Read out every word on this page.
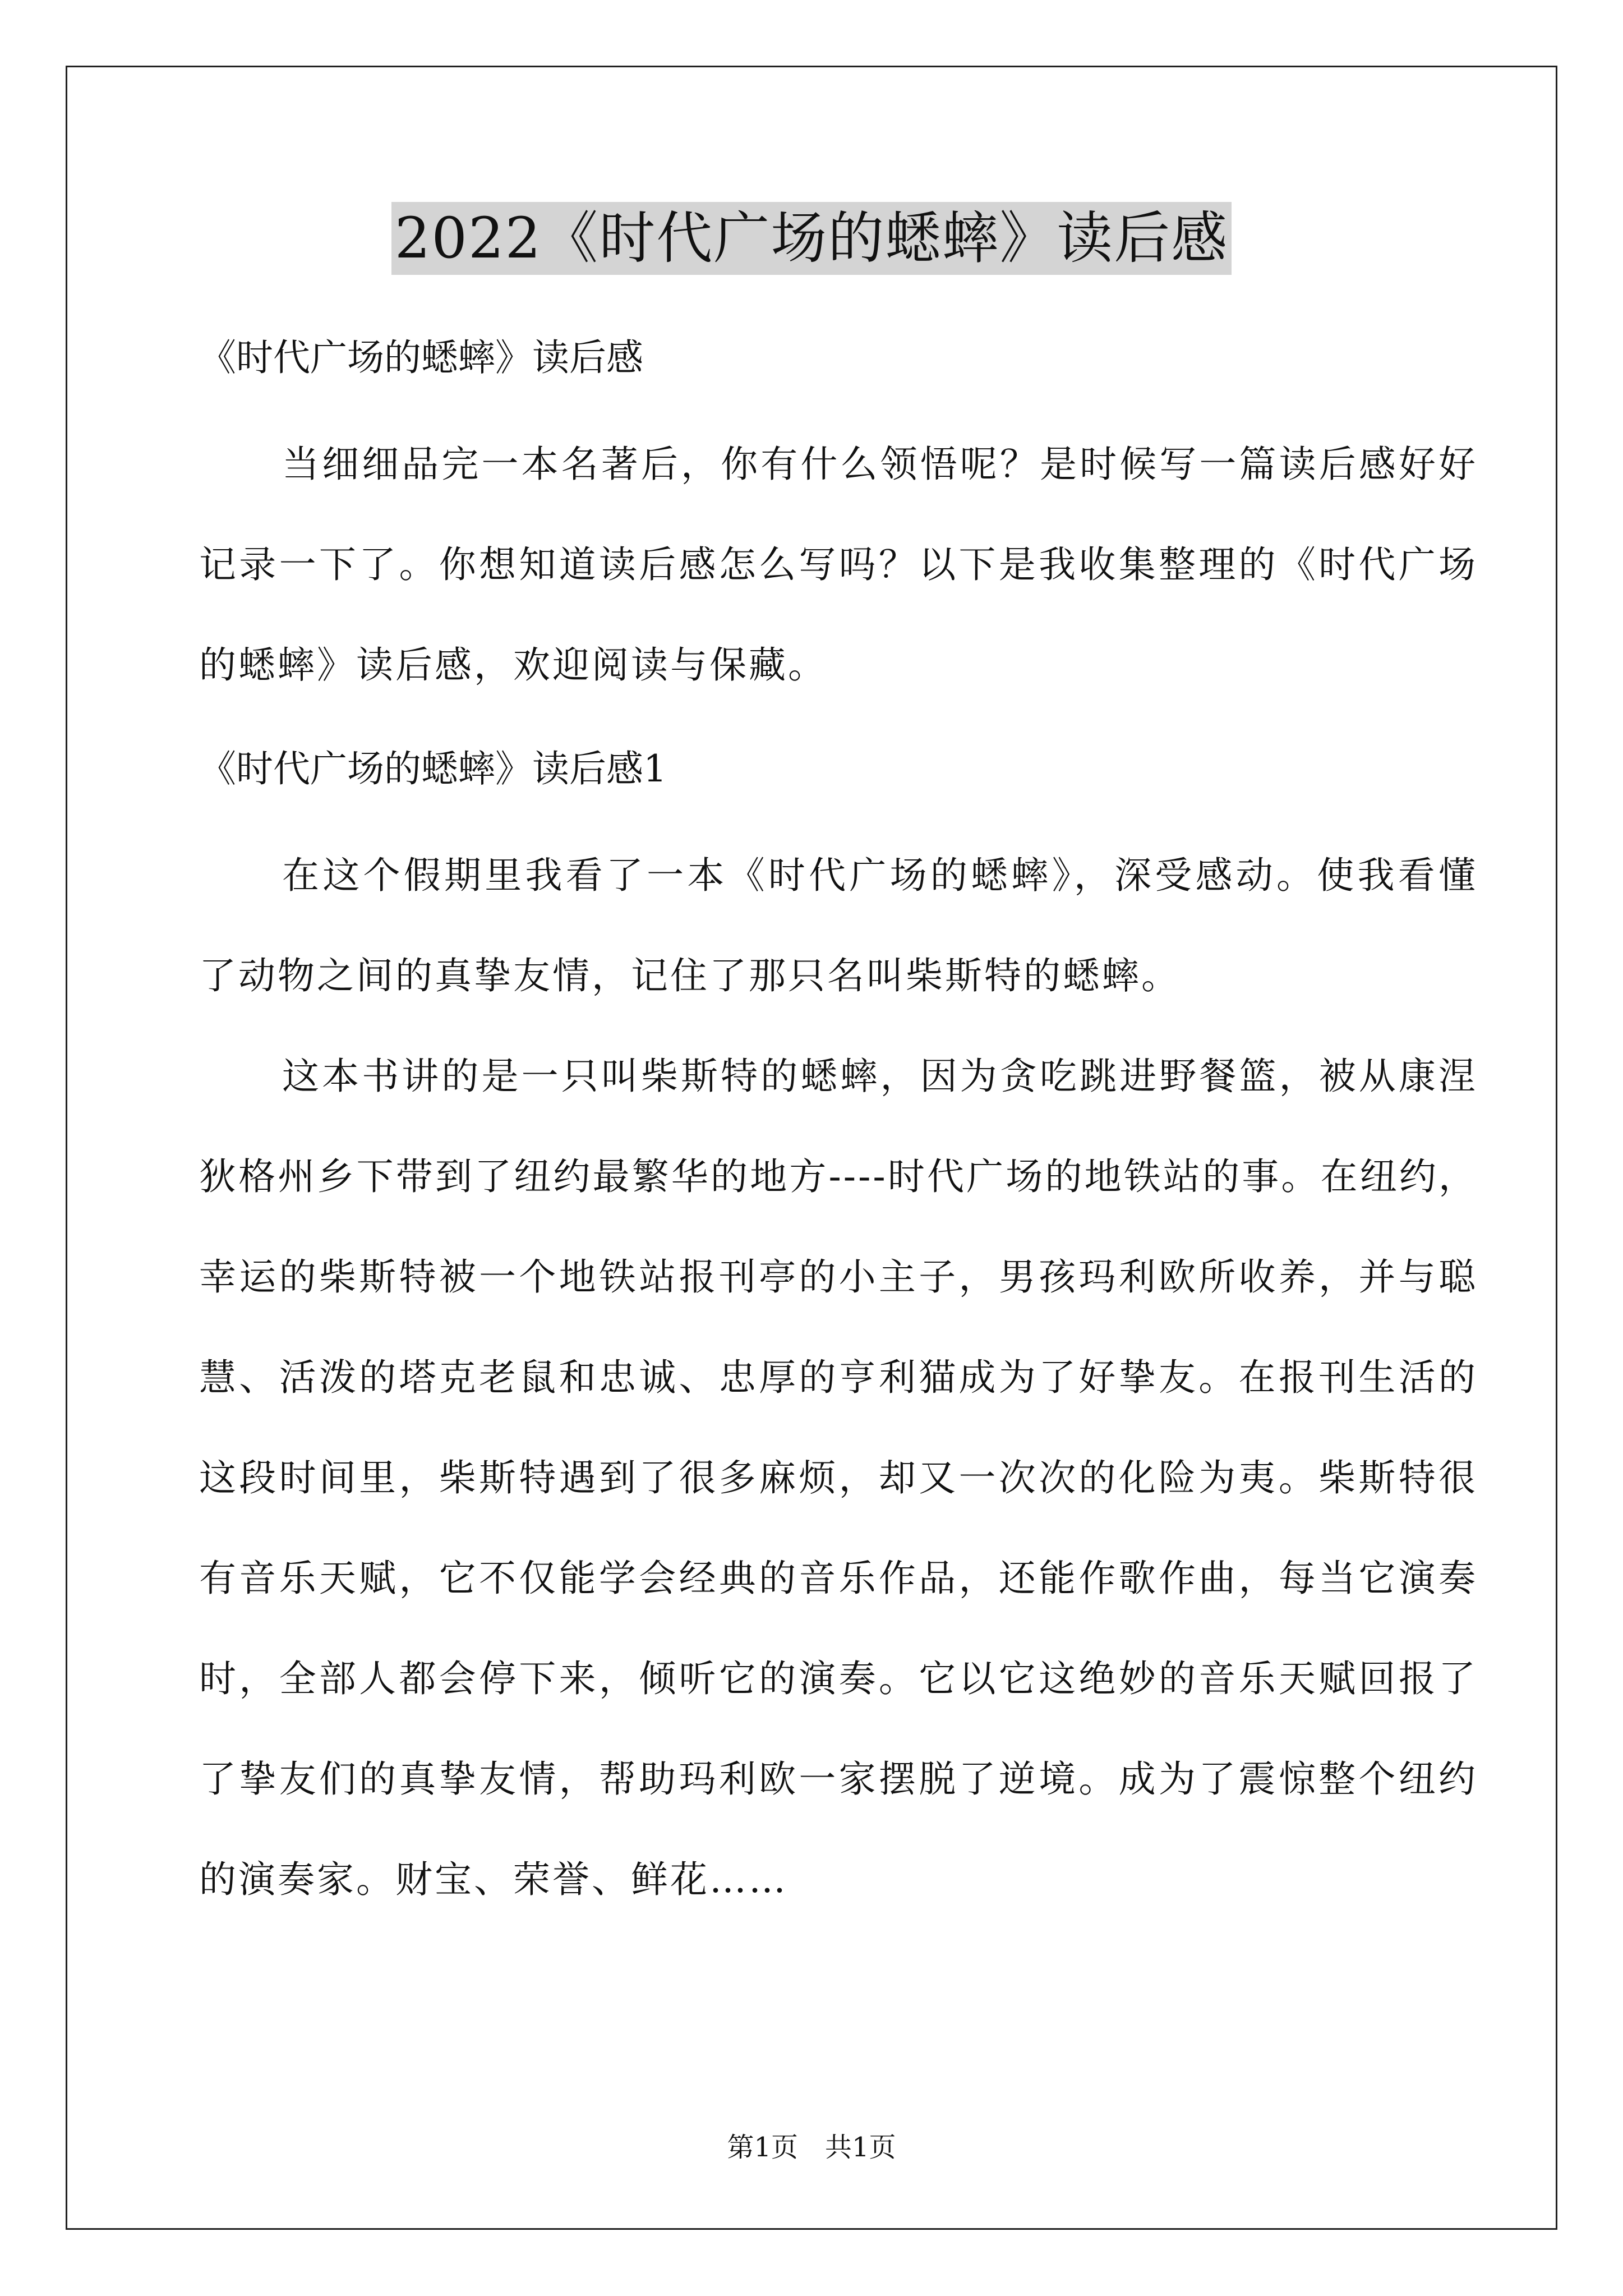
2022《时代广场的蟋蟀》读后感

《时代广场的蟋蟀》读后感

当细细品完一本名著后，你有什么领悟呢？是时候写一篇读后感好好记录一下了。你想知道读后感怎么写吗？以下是我收集整理的《时代广场的蟋蟀》读后感，欢迎阅读与保藏。

《时代广场的蟋蟀》读后感1

在这个假期里我看了一本《时代广场的蟋蟀》，深受感动。使我看懂了动物之间的真挚友情，记住了那只名叫柴斯特的蟋蟀。

这本书讲的是一只叫柴斯特的蟋蟀，因为贪吃跳进野餐篮，被从康涅狄格州乡下带到了纽约最繁华的地方----时代广场的地铁站的事。在纽约，幸运的柴斯特被一个地铁站报刊亭的小主子，男孩玛利欧所收养，并与聪慧、活泼的塔克老鼠和忠诚、忠厚的亨利猫成为了好挚友。在报刊生活的这段时间里，柴斯特遇到了很多麻烦，却又一次次的化险为夷。柴斯特很有音乐天赋，它不仅能学会经典的音乐作品，还能作歌作曲，每当它演奏时，全部人都会停下来，倾听它的演奏。它以它这绝妙的音乐天赋回报了了挚友们的真挚友情，帮助玛利欧一家摆脱了逆境。成为了震惊整个纽约的演奏家。财宝、荣誉、鲜花……

第1页　共1页
